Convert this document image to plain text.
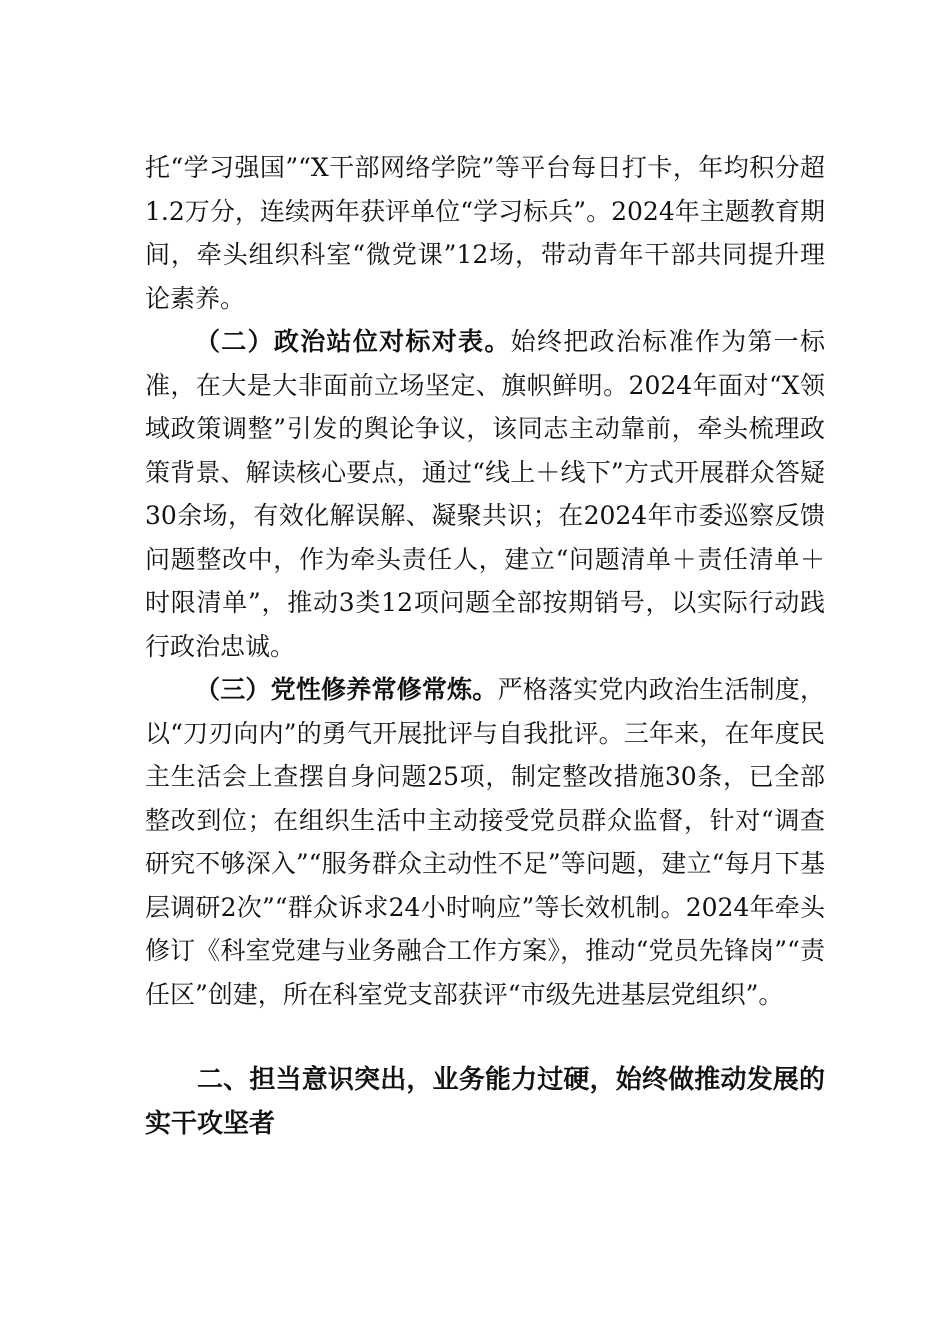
托“学习强国”“X干部网络学院”等平台每日打卡，年均积分超1.2万分，连续两年获评单位“学习标兵”。2024年主题教育期间，牵头组织科室“微党课”12场，带动青年干部共同提升理论素养。

（二）政治站位对标对表。始终把政治标准作为第一标准，在大是大非面前立场坚定、旗帜鲜明。2024年面对“X领域政策调整”引发的舆论争议，该同志主动靠前，牵头梳理政策背景、解读核心要点，通过“线上＋线下”方式开展群众答疑30余场，有效化解误解、凝聚共识；在2024年市委巡察反馈问题整改中，作为牵头责任人，建立“问题清单＋责任清单＋时限清单”，推动3类12项问题全部按期销号，以实际行动践行政治忠诚。

（三）党性修养常修常炼。严格落实党内政治生活制度，以“刀刃向内”的勇气开展批评与自我批评。三年来，在年度民主生活会上查摆自身问题25项，制定整改措施30条，已全部整改到位；在组织生活中主动接受党员群众监督，针对“调查研究不够深入”“服务群众主动性不足”等问题，建立“每月下基层调研2次”“群众诉求24小时响应”等长效机制。2024年牵头修订《科室党建与业务融合工作方案》，推动“党员先锋岗”“责任区”创建，所在科室党支部获评“市级先进基层党组织”。

二、担当意识突出，业务能力过硬，始终做推动发展的实干攻坚者
